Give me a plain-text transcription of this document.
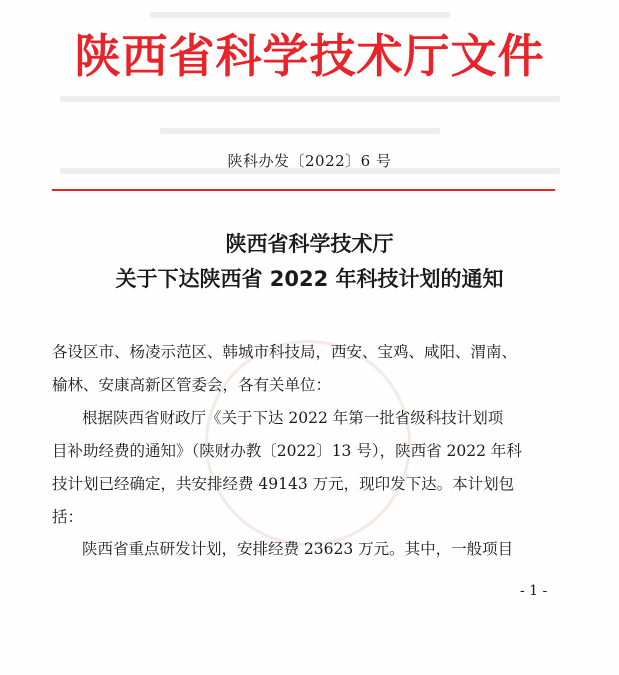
陕西省科学技术厅文件
陕科办发〔2022〕6 号
陕西省科学技术厅
关于下达陕西省 2022 年科技计划的通知
各设区市、杨凌示范区、韩城市科技局，西安、宝鸡、咸阳、渭南、
榆林、安康高新区管委会，各有关单位：
根据陕西省财政厅《关于下达 2022 年第一批省级科技计划项
目补助经费的通知》（陕财办教〔2022〕13 号），陕西省 2022 年科
技计划已经确定，共安排经费 49143 万元，现印发下达。本计划包
括：
陕西省重点研发计划，安排经费 23623 万元。其中，一般项目
- 1 -
